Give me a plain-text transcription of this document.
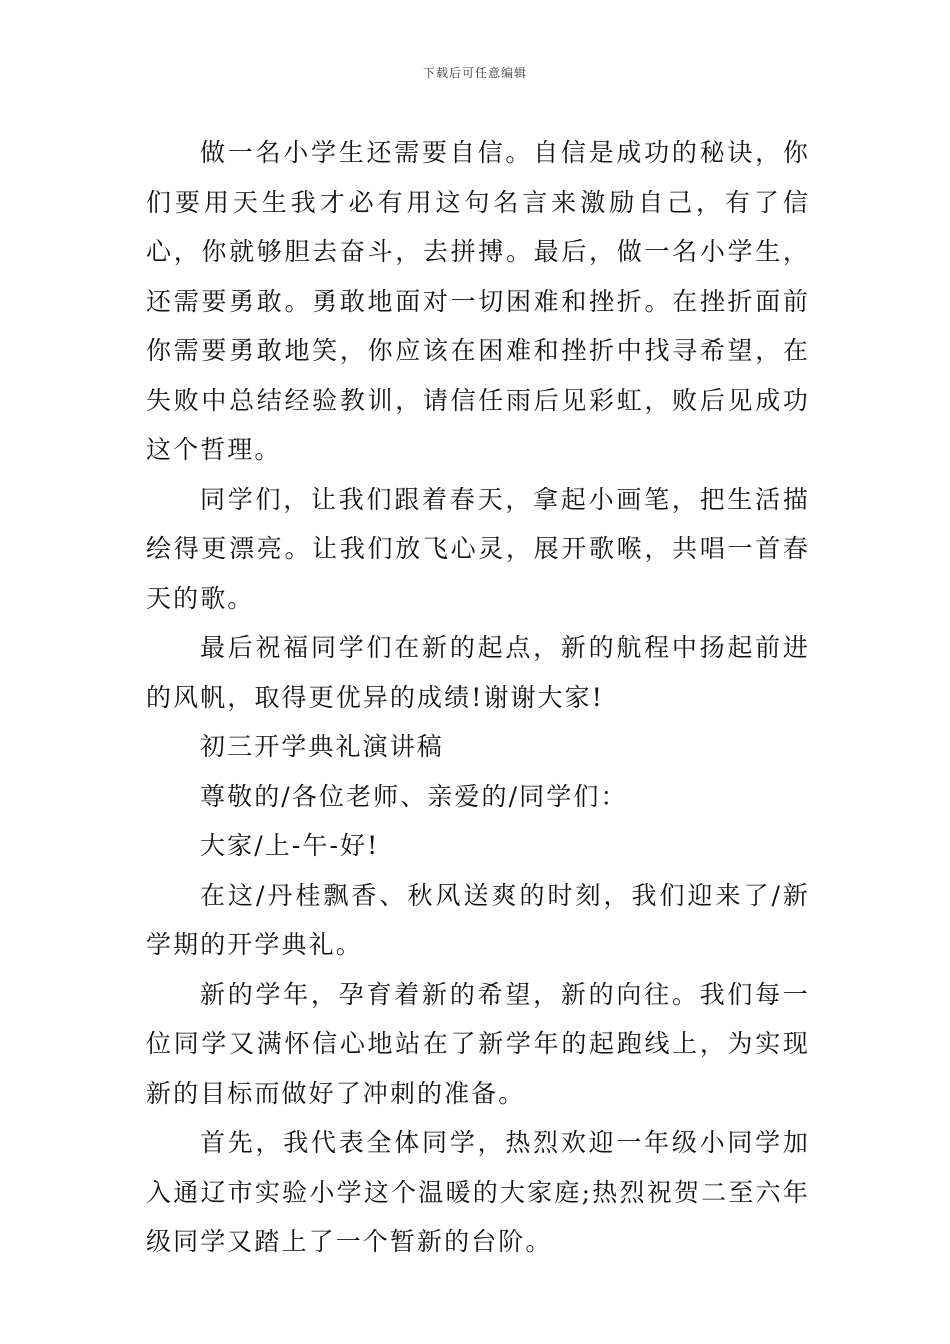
下载后可任意编辑

做一名小学生还需要自信。自信是成功的秘诀，你们要用天生我才必有用这句名言来激励自己，有了信心，你就够胆去奋斗，去拼搏。最后，做一名小学生，还需要勇敢。勇敢地面对一切困难和挫折。在挫折面前你需要勇敢地笑，你应该在困难和挫折中找寻希望，在失败中总结经验教训，请信任雨后见彩虹，败后见成功这个哲理。

同学们，让我们跟着春天，拿起小画笔，把生活描绘得更漂亮。让我们放飞心灵，展开歌喉，共唱一首春天的歌。

最后祝福同学们在新的起点，新的航程中扬起前进的风帆，取得更优异的成绩!谢谢大家!

初三开学典礼演讲稿

尊敬的/各位老师、亲爱的/同学们：

大家/上-午-好!

在这/丹桂飘香、秋风送爽的时刻，我们迎来了/新学期的开学典礼。

新的学年，孕育着新的希望，新的向往。我们每一位同学又满怀信心地站在了新学年的起跑线上，为实现新的目标而做好了冲刺的准备。

首先，我代表全体同学，热烈欢迎一年级小同学加入通辽市实验小学这个温暖的大家庭;热烈祝贺二至六年级同学又踏上了一个暂新的台阶。
